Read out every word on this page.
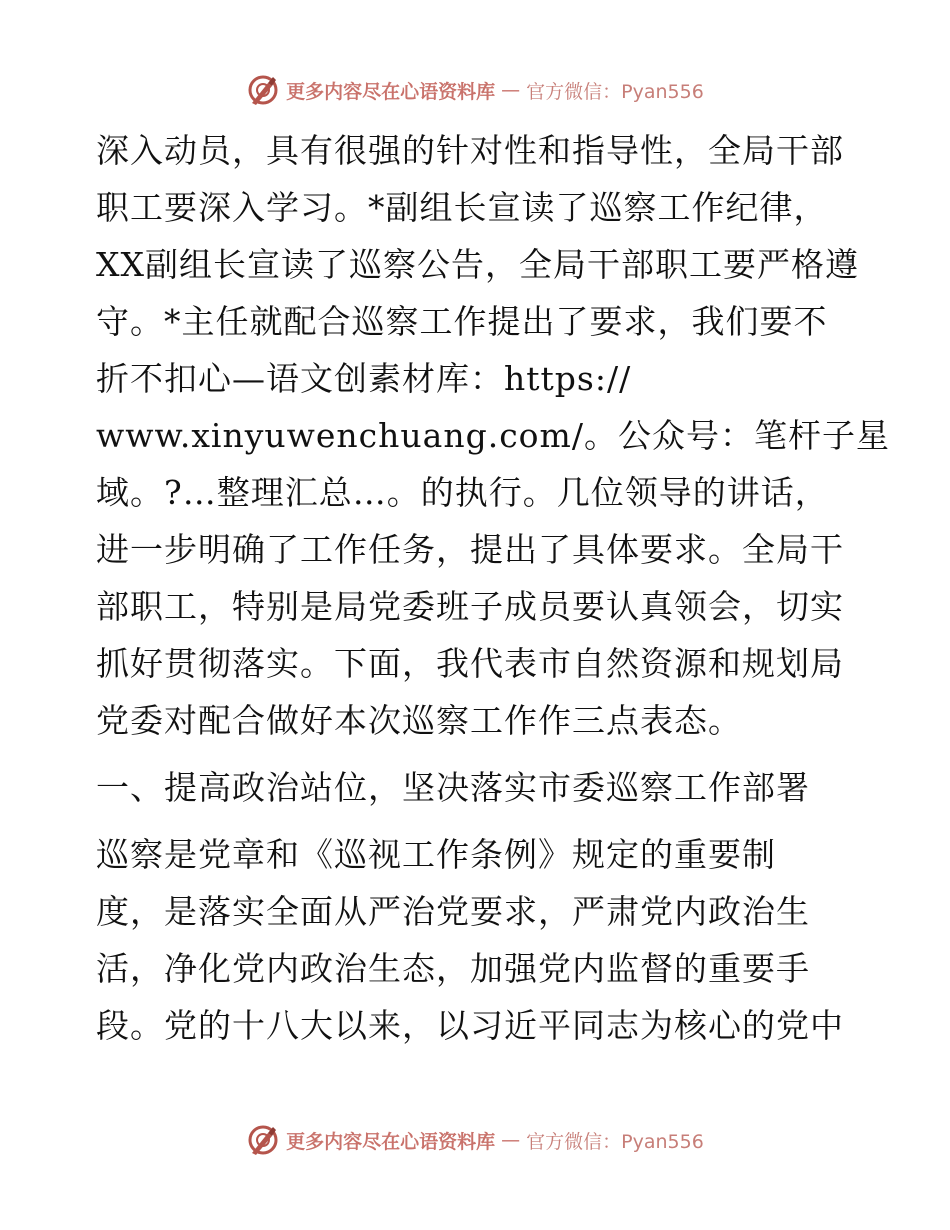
更多内容尽在心语资料库 — 官方微信：Pyan556
深入动员，具有很强的针对性和指导性，全局干部
职工要深入学习。*副组长宣读了巡察工作纪律，
XX副组长宣读了巡察公告，全局干部职工要严格遵
守。*主任就配合巡察工作提出了要求，我们要不
折不扣心—语文创素材库：https://
www.xinyuwenchuang.com/。公众号：笔杆子星
域。?…整理汇总…。的执行。几位领导的讲话，
进一步明确了工作任务，提出了具体要求。全局干
部职工，特别是局党委班子成员要认真领会，切实
抓好贯彻落实。下面，我代表市自然资源和规划局
党委对配合做好本次巡察工作作三点表态。
一、提高政治站位，坚决落实市委巡察工作部署
巡察是党章和《巡视工作条例》规定的重要制
度，是落实全面从严治党要求，严肃党内政治生
活，净化党内政治生态，加强党内监督的重要手
段。党的十八大以来，以习近平同志为核心的党中
更多内容尽在心语资料库 — 官方微信：Pyan556
